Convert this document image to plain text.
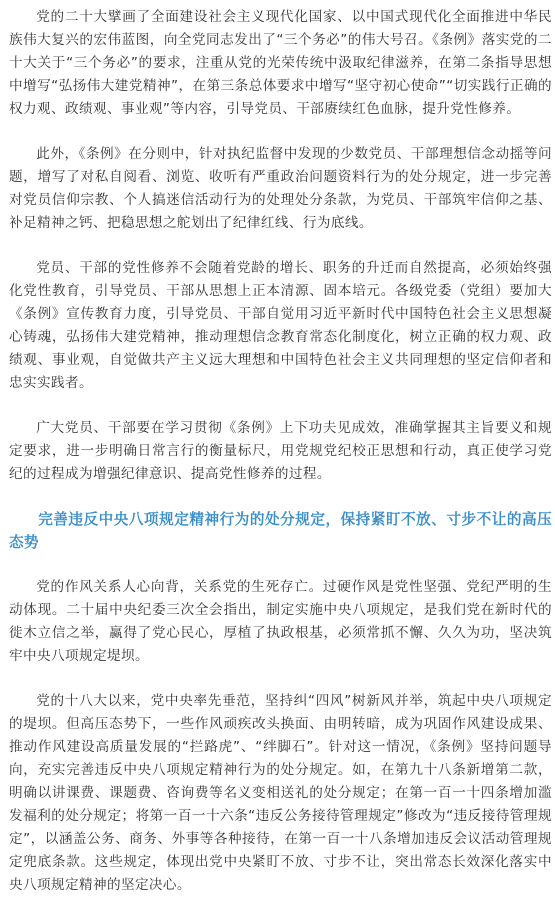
党的二十大擘画了全面建设社会主义现代化国家、以中国式现代化全面推进中华民族伟大复兴的宏伟蓝图，向全党同志发出了“三个务必”的伟大号召。《条例》落实党的二十大关于“三个务必”的要求，注重从党的光荣传统中汲取纪律滋养，在第二条指导思想中增写“弘扬伟大建党精神”，在第三条总体要求中增写“坚守初心使命”“切实践行正确的权力观、政绩观、事业观”等内容，引导党员、干部赓续红色血脉，提升党性修养。

此外，《条例》在分则中，针对执纪监督中发现的少数党员、干部理想信念动摇等问题，增写了对私自阅看、浏览、收听有严重政治问题资料行为的处分规定，进一步完善对党员信仰宗教、个人搞迷信活动行为的处理处分条款，为党员、干部筑牢信仰之基、补足精神之钙、把稳思想之舵划出了纪律红线、行为底线。

党员、干部的党性修养不会随着党龄的增长、职务的升迁而自然提高，必须始终强化党性教育，引导党员、干部从思想上正本清源、固本培元。各级党委（党组）要加大《条例》宣传教育力度，引导党员、干部自觉用习近平新时代中国特色社会主义思想凝心铸魂，弘扬伟大建党精神，推动理想信念教育常态化制度化，树立正确的权力观、政绩观、事业观，自觉做共产主义远大理想和中国特色社会主义共同理想的坚定信仰者和忠实实践者。

广大党员、干部要在学习贯彻《条例》上下功夫见成效，准确掌握其主旨要义和规定要求，进一步明确日常言行的衡量标尺，用党规党纪校正思想和行动，真正使学习党纪的过程成为增强纪律意识、提高党性修养的过程。

完善违反中央八项规定精神行为的处分规定，保持紧盯不放、寸步不让的高压态势

党的作风关系人心向背，关系党的生死存亡。过硬作风是党性坚强、党纪严明的生动体现。二十届中央纪委三次全会指出，制定实施中央八项规定，是我们党在新时代的徙木立信之举，赢得了党心民心，厚植了执政根基，必须常抓不懈、久久为功，坚决筑牢中央八项规定堤坝。

党的十八大以来，党中央率先垂范，坚持纠“四风”树新风并举，筑起中央八项规定的堤坝。但高压态势下，一些作风顽疾改头换面、由明转暗，成为巩固作风建设成果、推动作风建设高质量发展的“拦路虎”、“绊脚石”。针对这一情况，《条例》坚持问题导向，充实完善违反中央八项规定精神行为的处分规定。如，在第九十八条新增第二款，明确以讲课费、课题费、咨询费等名义变相送礼的处分规定；在第一百一十四条增加滥发福利的处分规定；将第一百一十六条“违反公务接待管理规定”修改为“违反接待管理规定”，以涵盖公务、商务、外事等各种接待，在第一百一十八条增加违反会议活动管理规定兜底条款。这些规定，体现出党中央紧盯不放、寸步不让，突出常态长效深化落实中央八项规定精神的坚定决心。
